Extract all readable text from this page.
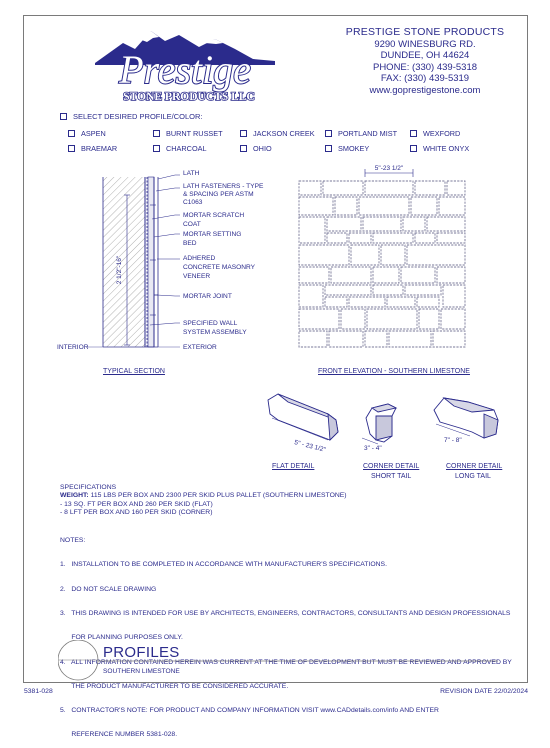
Prestige
STONE PRODUCTS LLC
PRESTIGE STONE PRODUCTS
9290 WINESBURG RD.
DUNDEE, OH 44624
PHONE: (330) 439-5318
FAX: (330) 439-5319
www.goprestigestone.com
SELECT DESIRED PROFILE/COLOR:
ASPEN	BURNT RUSSET	JACKSON CREEK	PORTLAND MIST	WEXFORD
BRAEMAR	CHARCOAL	OHIO	SMOKEY	WHITE ONYX
2 1/2"-16"
LATH
LATH FASTENERS - TYPE
& SPACING PER ASTM
C1063
MORTAR SCRATCH
COAT
MORTAR SETTING
BED
ADHERED
CONCRETE MASONRY
VENEER
MORTAR JOINT
SPECIFIED WALL
SYSTEM ASSEMBLY
INTERIOR	EXTERIOR
TYPICAL SECTION
5"-23 1/2"
FRONT ELEVATION - SOUTHERN LIMESTONE
5" - 23 1/2"	3" - 4"
7" - 8"
FLAT DETAIL	CORNER DETAIL
SHORT TAIL
CORNER DETAIL
LONG TAIL
SPECIFICATIONS
WEIGHT: 115 LBS PER BOX AND 2300 PER SKID PLUS PALLET (SOUTHERN LIMESTONE)
- 13 SQ. FT PER BOX AND 260 PER SKID (FLAT)
- 8 LFT PER BOX AND 160 PER SKID (CORNER)

NOTES:

1.   INSTALLATION TO BE COMPLETED IN ACCORDANCE WITH MANUFACTURER'S SPECIFICATIONS.

2.   DO NOT SCALE DRAWING

3.   THIS DRAWING IS INTENDED FOR USE BY ARCHITECTS, ENGINEERS, CONTRACTORS, CONSULTANTS AND DESIGN PROFESSIONALS

FOR PLANNING PURPOSES ONLY.

4.   ALL INFORMATION CONTAINED HEREIN WAS CURRENT AT THE TIME OF DEVELOPMENT BUT MUST BE REVIEWED AND APPROVED BY

THE PRODUCT MANUFACTURER TO BE CONSIDERED ACCURATE.

5.   CONTRACTOR'S NOTE: FOR PRODUCT AND COMPANY INFORMATION VISIT www.CADdetails.com/info AND ENTER

REFERENCE NUMBER 5381-028.

PROFILES
SOUTHERN LIMESTONE
5381-028	REVISION DATE 22/02/2024
